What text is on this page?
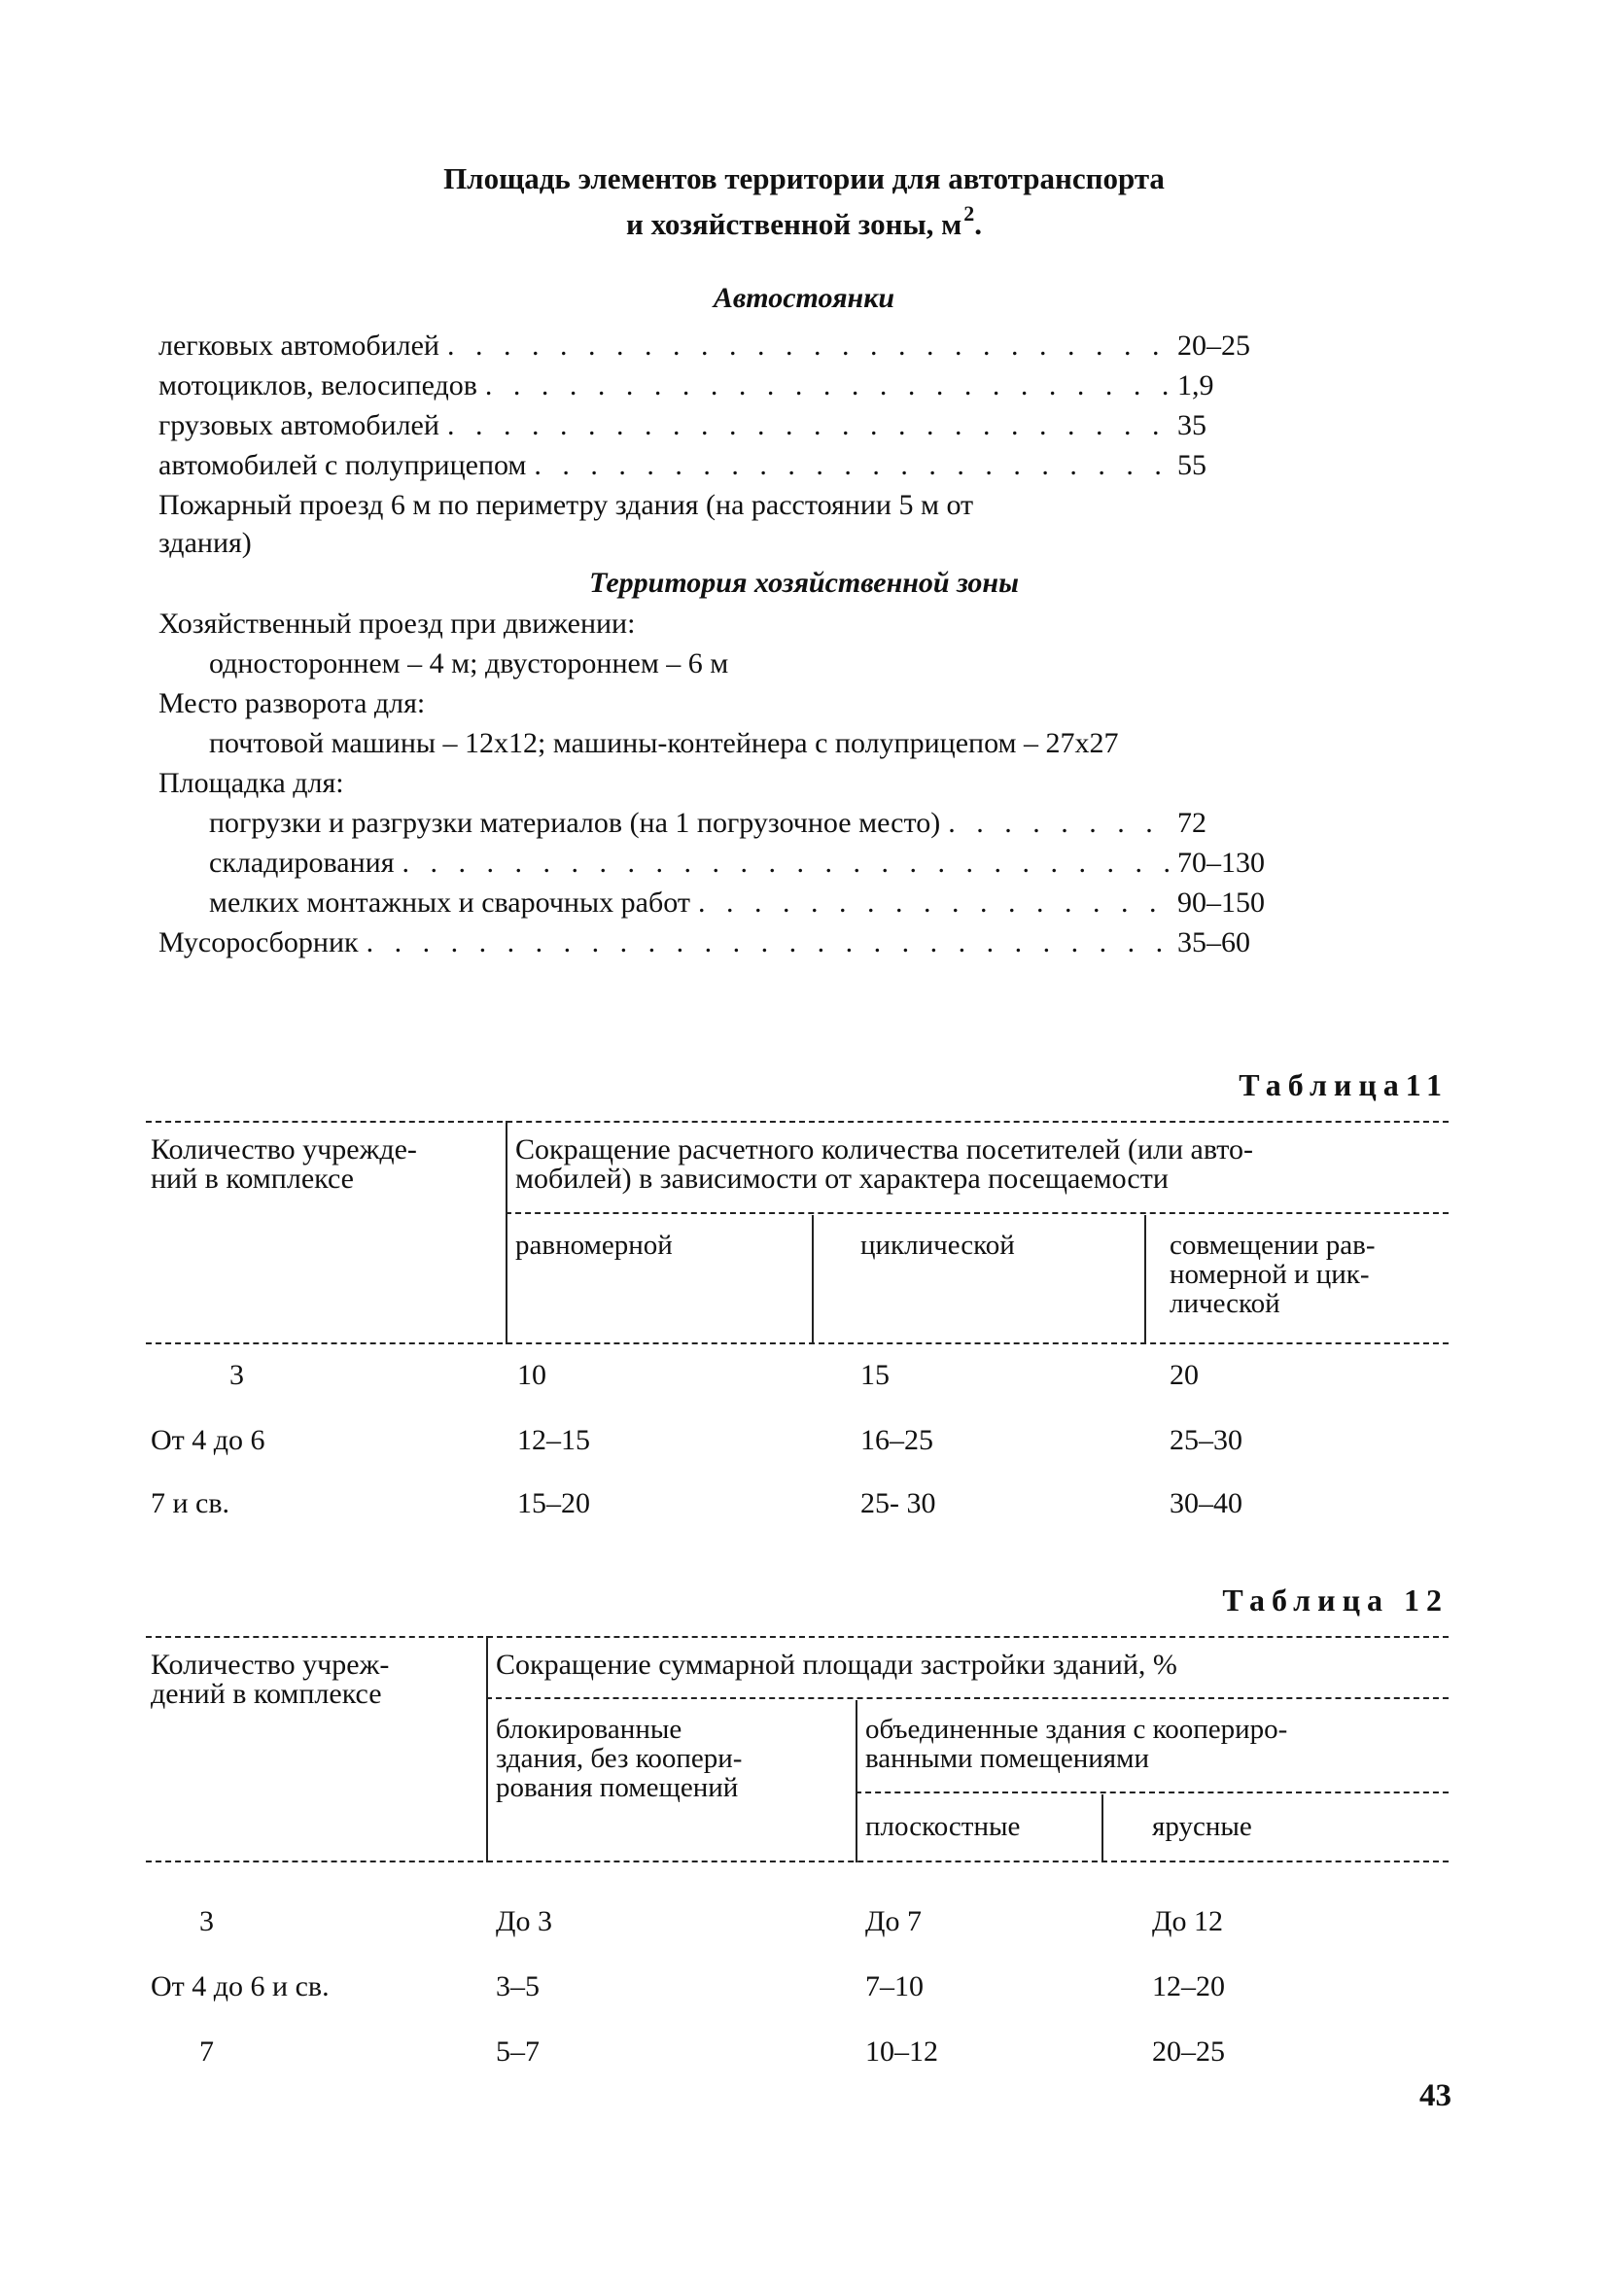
Площадь элементов территории для автотранспорта
и хозяйственной зоны, $м^2$.
Автостоянки
легковых автомобилей . . .	20–25
мотоциклов, велосипедов . . .	1,9
грузовых автомобилей . . .	35
автомобилей с полуприцепом . . .	55
Пожарный проезд 6 м по периметру здания (на расстоянии 5 м от
здания)
Территория хозяйственной зоны
Хозяйственный проезд при движении:
одностороннем – 4 м; двустороннем – 6 м
Место разворота для:
почтовой машины – 12х12; машины-контейнера с полуприцепом – 27х27
Площадка для:
погрузки и разгрузки материалов (на 1 погрузочное место) . . .	72
складирования . . .	70–130
мелких монтажных и сварочных работ . . .	90–150
Мусоросборник . . .	35–60
Таблица11
Количество учрежде-
ний в комплексе
Сокращение расчетного количества посетителей (или авто-
мобилей) в зависимости от характера посещаемости
равномерной	циклической	совмещении рав-
номерной и цик-
лической
3	10	15	20
От 4 до 6	12–15	16–25	25–30
7 и св.	15–20	25- 30	30–40
Таблица 12
Количество учреж-
дений в комплексе
Сокращение суммарной площади застройки зданий, %
блокированные
здания, без коопери-
рования помещений
объединенные здания с коопериро-
ванными помещениями
плоскостные	ярусные
3	До 3	До 7	До 12
От 4 до 6 и св.	3–5	7–10	12–20
7	5–7	10–12	20–25
43
